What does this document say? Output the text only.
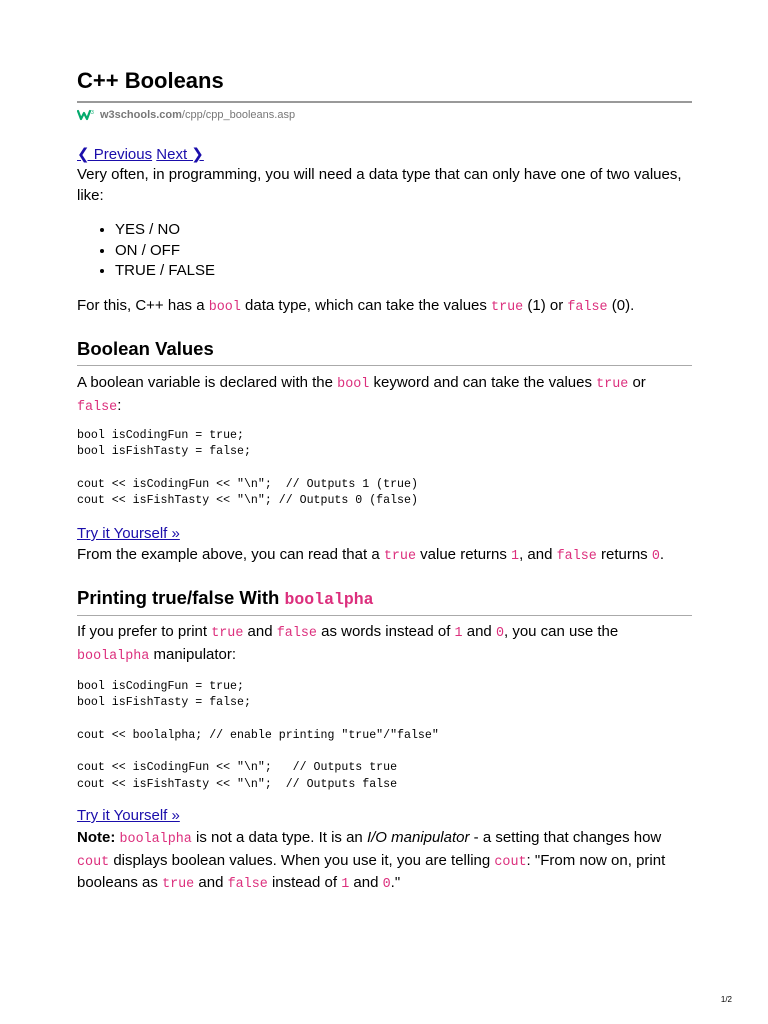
C++ Booleans
3 w3schools.com /cpp/cpp_booleans.asp
❮ Previous Next ❯

Very often, in programming, you will need a data type that can only have one of two values, like:

• YES / NO
• ON / OFF
• TRUE / FALSE

For this, C++ has a bool data type, which can take the values true (1) or false (0).

Boolean Values

A boolean variable is declared with the bool keyword and can take the values true or
false:

bool isCodingFun = true;
bool isFishTasty = false;

cout << isCodingFun << "\n";  // Outputs 1 (true)
cout << isFishTasty << "\n"; // Outputs 0 (false)
Try it Yourself »

From the example above, you can read that a true value returns 1, and false returns 0.

Printing true/false With boolalpha

If you prefer to print true and false as words instead of 1 and 0, you can use the
boolalpha manipulator:

bool isCodingFun = true;
bool isFishTasty = false;

cout << boolalpha; // enable printing "true"/"false"

cout << isCodingFun << "\n";   // Outputs true
cout << isFishTasty << "\n";  // Outputs false
Try it Yourself »

Note: boolalpha is not a data type. It is an I/O manipulator - a setting that changes how
cout displays boolean values. When you use it, you are telling cout: "From now on, print
booleans as true and false instead of 1 and 0."

1/2
